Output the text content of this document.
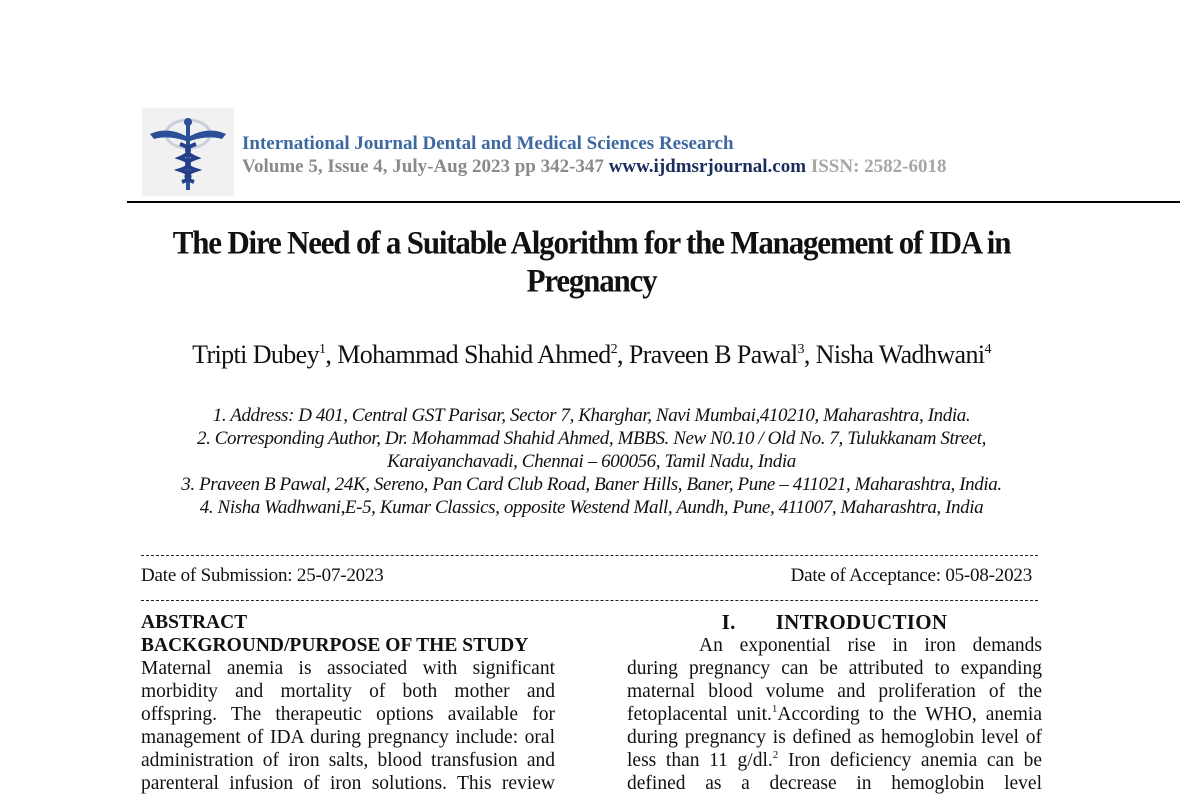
International Journal Dental and Medical Sciences Research
Volume 5, Issue 4, July-Aug 2023 pp 342-347 www.ijdmsrjournal.com ISSN: 2582-6018
The Dire Need of a Suitable Algorithm for the Management of IDA in Pregnancy
Tripti Dubey$^1$, Mohammad Shahid Ahmed$^2$, Praveen B Pawal$^3$, Nisha Wadhwani$^4$

1. Address: D 401, Central GST Parisar, Sector 7, Kharghar, Navi Mumbai,410210, Maharashtra, India.

2. Corresponding Author, Dr. Mohammad Shahid Ahmed, MBBS. New N0.10 / Old No. 7, Tulukkanam Street, Karaiyanchavadi, Chennai – 600056, Tamil Nadu, India

3. Praveen B Pawal, 24K, Sereno, Pan Card Club Road, Baner Hills, Baner, Pune – 411021, Maharashtra, India.

4. Nisha Wadhwani,E-5, Kumar Classics, opposite Westend Mall, Aundh, Pune, 411007, Maharashtra, India

Date of Submission: 25-07-2023	Date of Acceptance: 05-08-2023

ABSTRACT

BACKGROUND/PURPOSE OF THE STUDY

Maternal anemia is associated with significant

morbidity and mortality of both mother and

offspring. The therapeutic options available for

management of IDA during pregnancy include: oral

administration of iron salts, blood transfusion and

parenteral infusion of iron solutions. This review

I. INTRODUCTION

An exponential rise in iron demands

during pregnancy can be attributed to expanding

maternal blood volume and proliferation of the

fetoplacental unit.$^1$According to the WHO, anemia

during pregnancy is defined as hemoglobin level of

less than 11 g/dl.$^2$ Iron deficiency anemia can be

defined as a decrease in hemoglobin level
